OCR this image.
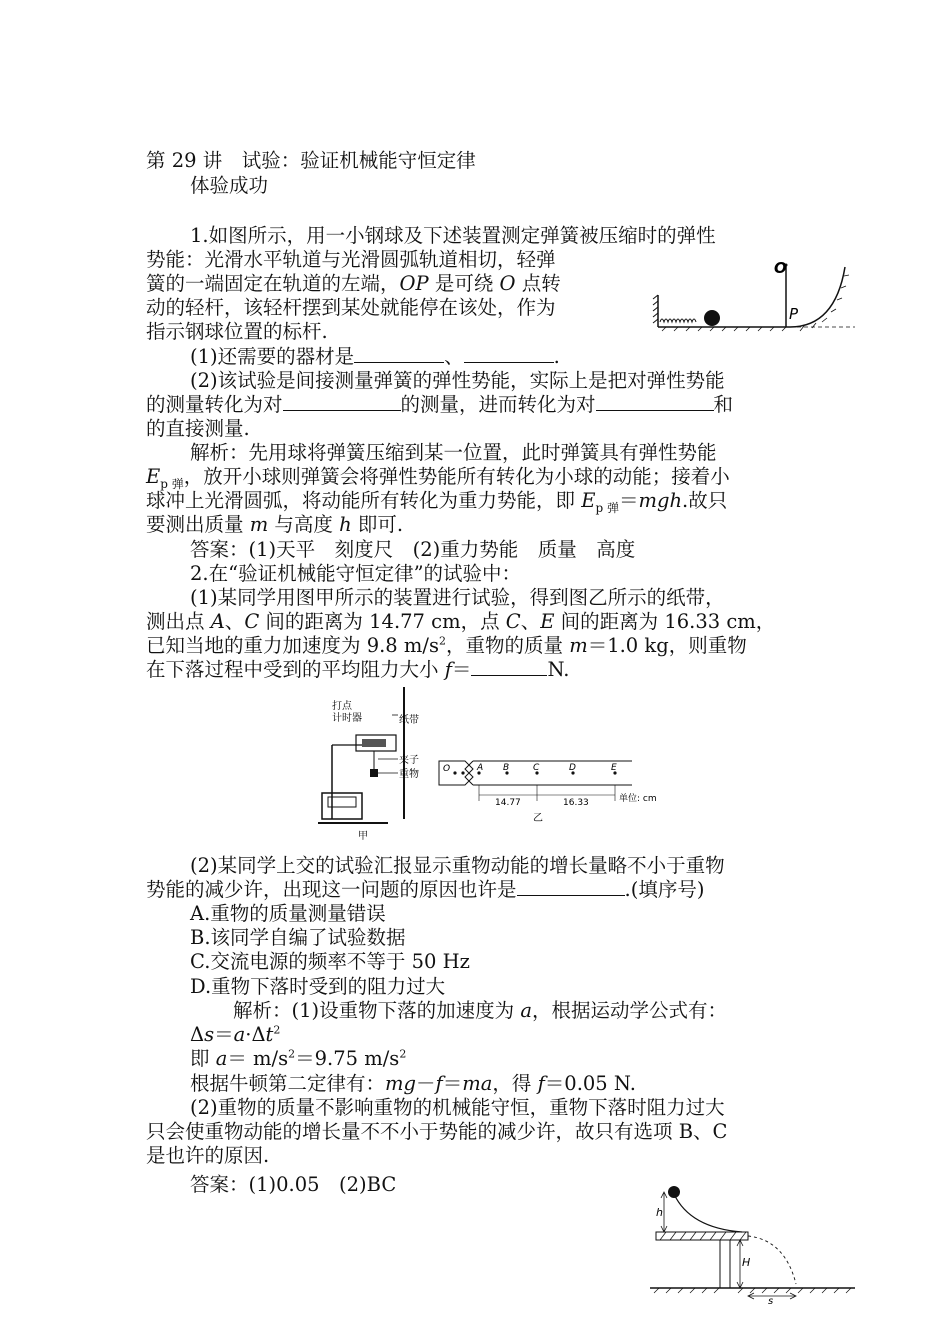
第 29 讲　试验：验证机械能守恒定律
体验成功
1.如图所示，用一小钢球及下述装置测定弹簧被压缩时的弹性
势能：光滑水平轨道与光滑圆弧轨道相切，轻弹
簧的一端固定在轨道的左端，OP 是可绕 O 点转
动的轻杆，该轻杆摆到某处就能停在该处，作为
指示钢球位置的标杆.
O
P
(1)还需要的器材是	、	.
(2)该试验是间接测量弹簧的弹性势能，实际上是把对弹性势能
的测量转化为对	的测量，进而转化为对	和
的直接测量.
解析：先用球将弹簧压缩到某一位置，此时弹簧具有弹性势能
$E_{p 弹}$，放开小球则弹簧会将弹性势能所有转化为小球的动能；接着小
球冲上光滑圆弧，将动能所有转化为重力势能，即 $E_{p 弹}=mgh$.故只
要测出质量 m 与高度 h 即可.
答案：(1)天平　刻度尺　(2)重力势能　质量　高度
2.在“验证机械能守恒定律”的试验中：
(1)某同学用图甲所示的装置进行试验，得到图乙所示的纸带，
测出点 A、C 间的距离为 14.77 cm，点 C、E 间的距离为 16.33 cm，
已知当地的重力加速度为 9.8 $m/s^2$，重物的质量 m＝1.0 kg，则重物
在下落过程中受到的平均阻力大小 f＝	N.
打点
计时器	纸带
夹子
重物
甲
O	A B	C	D	E
14.77	16.33	单位: cm
乙
(2)某同学上交的试验汇报显示重物动能的增长量略不小于重物
势能的减少许，出现这一问题的原因也许是	.(填序号)
A.重物的质量测量错误
B.该同学自编了试验数据
C.交流电源的频率不等于 50 Hz
D.重物下落时受到的阻力过大
解析：(1)设重物下落的加速度为 a，根据运动学公式有：
$\Delta s=a\cdot\Delta t^2$
即 $a= m/s^2=9.75$ $m/s^2$
根据牛顿第二定律有：mg－f＝ma，得 f＝0.05 N.
(2)重物的质量不影响重物的机械能守恒，重物下落时阻力过大
只会使重物动能的增长量不不小于势能的减少许，故只有选项 B、C
是也许的原因.
答案：(1)0.05　(2)BC
h
H
s
